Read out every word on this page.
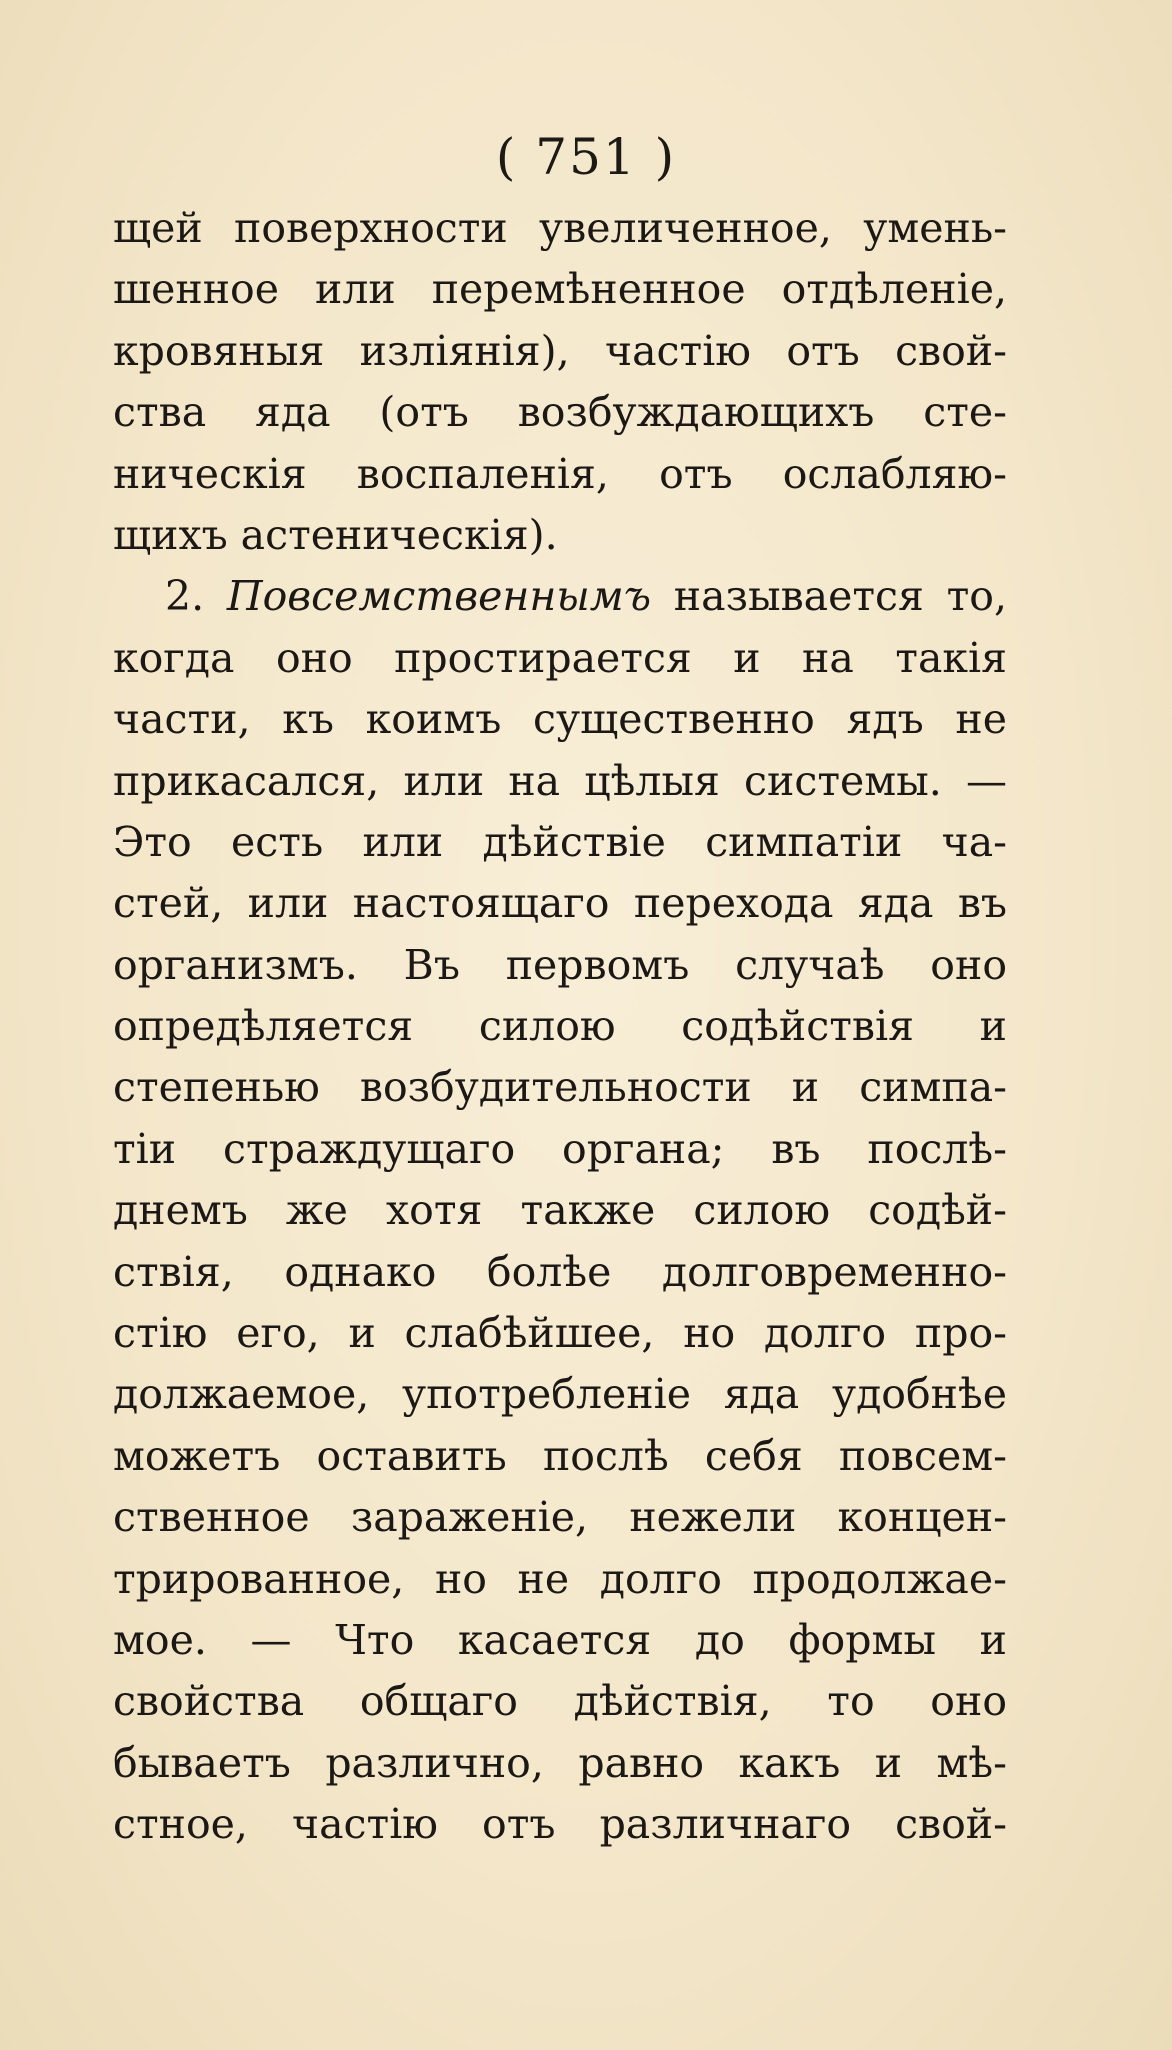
( 751 )
щей поверхности увеличенное, умень-
шенное или перемѣненное отдѣленіе,
кровяныя изліянія), частію отъ свой-
ства яда (отъ возбуждающихъ сте-
ническія воспаленія, отъ ослабляю-
щихъ астеническія).
2. Повсемственнымъ называется то,
когда оно простирается и на такія
части, къ коимъ существенно ядъ не
прикасался, или на цѣлыя системы. —
Это есть или дѣйствіе симпатіи ча-
стей, или настоящаго перехода яда въ
организмъ. Въ первомъ случаѣ оно
опредѣляется силою содѣйствія и
степенью возбудительности и симпа-
тіи страждущаго органа; въ послѣ-
днемъ же хотя также силою содѣй-
ствія, однако болѣе долговременно-
стію его, и слабѣйшее, но долго про-
должаемое, употребленіе яда удобнѣе
можетъ оставить послѣ себя повсем-
ственное зараженіе, нежели концен-
трированное, но не долго продолжае-
мое. — Что касается до формы и
свойства общаго дѣйствія, то оно
бываетъ различно, равно какъ и мѣ-
стное, частію отъ различнаго свой-
